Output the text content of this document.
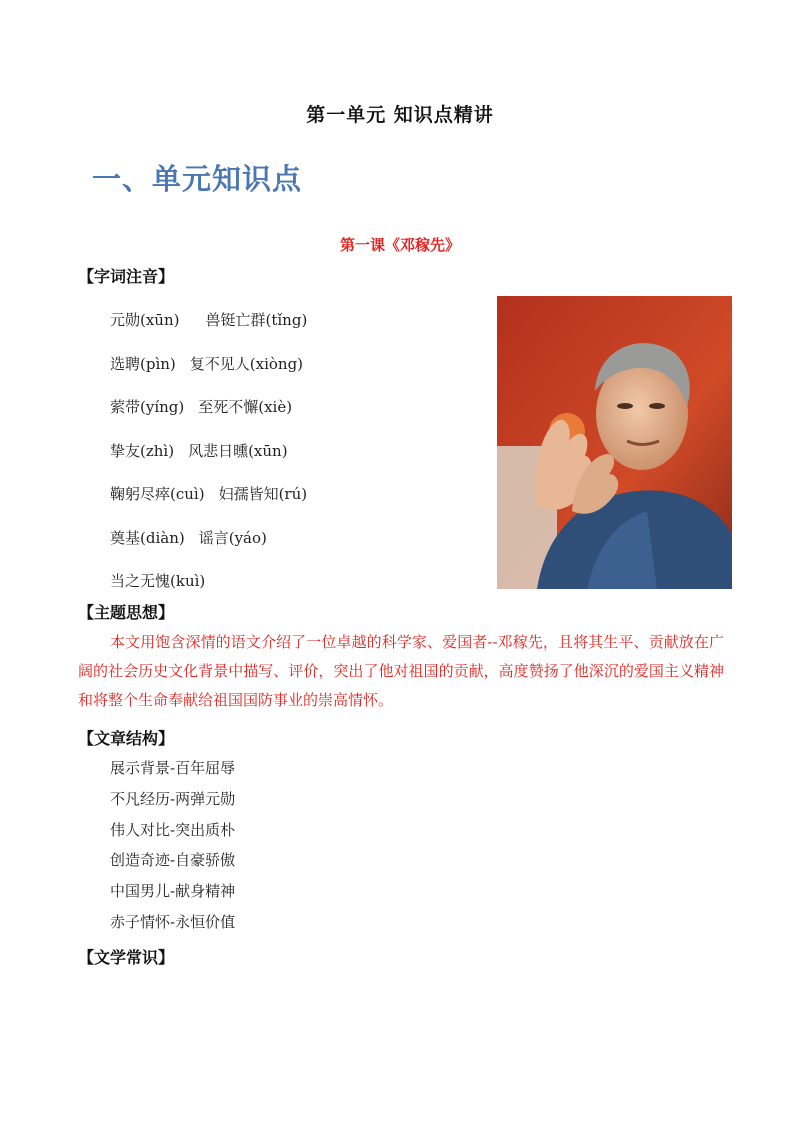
第一单元 知识点精讲
一、单元知识点
第一课《邓稼先》
【字词注音】
元勋(xūn) 兽铤亡群(tǐng)
选聘(pìn) 复不见人(xiòng)
萦带(yíng) 至死不懈(xiè)
挚友(zhì) 风悲日曛(xūn)
鞠躬尽瘁(cuì) 妇孺皆知(rú)
奠基(diàn) 谣言(yáo)
当之无愧(kuì)
【主题思想】

本文用饱含深情的语文介绍了一位卓越的科学家、爱国者--邓稼先，且将其生平、贡献放在广阔的社会历史文化背景中描写、评价，突出了他对祖国的贡献，高度赞扬了他深沉的爱国主义精神和将整个生命奉献给祖国国防事业的崇高情怀。

【文章结构】
展示背景-百年屈辱
不凡经历-两弹元勋
伟人对比-突出质朴
创造奇迹-自豪骄傲
中国男儿-献身精神
赤子情怀-永恒价值
【文学常识】
